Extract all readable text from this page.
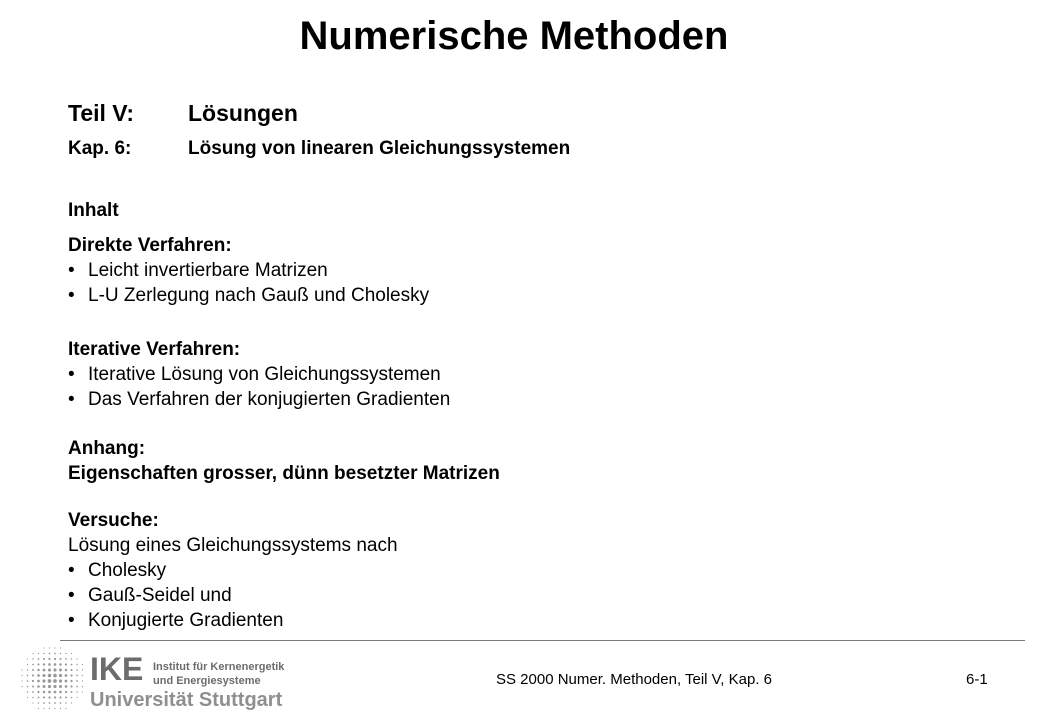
Numerische Methoden
Teil V: Lösungen
Kap. 6:	Lösung von linearen Gleichungssystemen
Inhalt
Direkte Verfahren:
• Leicht invertierbare Matrizen
• L-U Zerlegung nach Gauß und Cholesky
Iterative Verfahren:
• Iterative Lösung von Gleichungssystemen
• Das Verfahren der konjugierten Gradienten
Anhang:
Eigenschaften grosser, dünn besetzter Matrizen
Versuche:
Lösung eines Gleichungssystems nach
• Cholesky
• Gauß-Seidel und
• Konjugierte Gradienten
IKE Institut für Kernenergetik
und Energiesysteme
Universität Stuttgart
SS 2000 Numer. Methoden, Teil V, Kap. 6	6-1
